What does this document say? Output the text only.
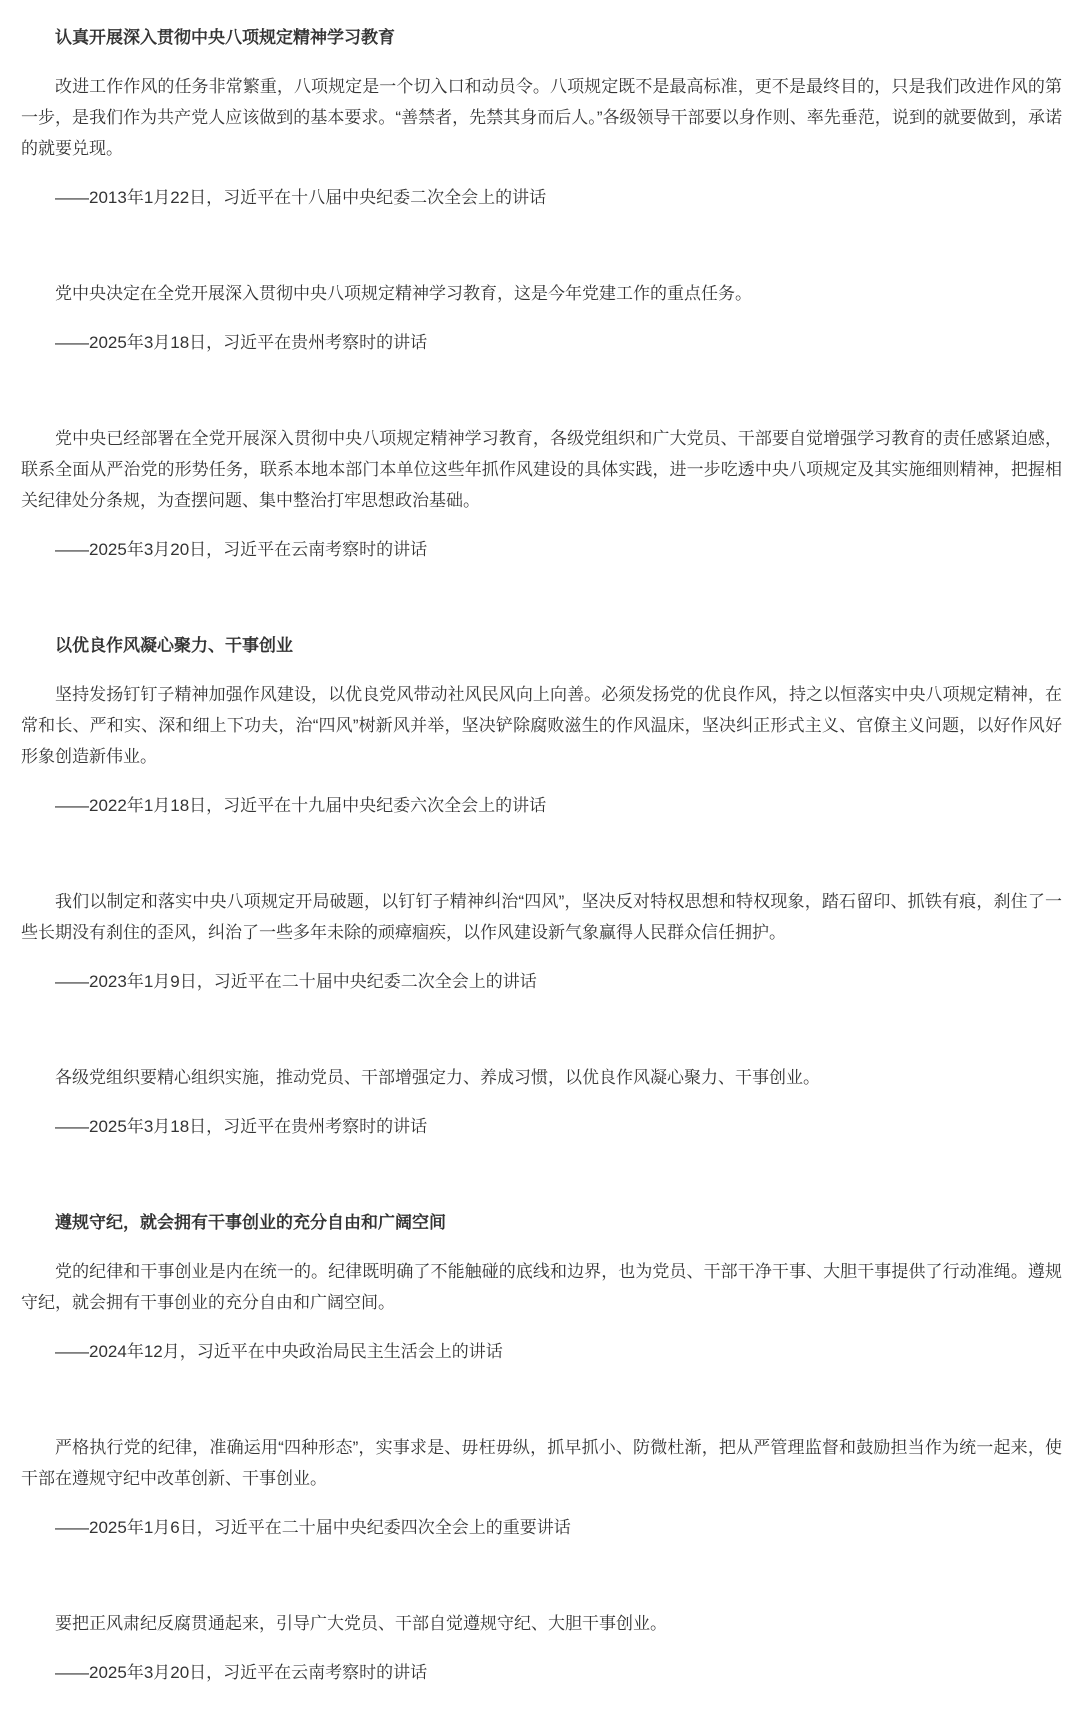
认真开展深入贯彻中央八项规定精神学习教育

改进工作作风的任务非常繁重，八项规定是一个切入口和动员令。八项规定既不是最高标准，更不是最终目的，只是我们改进作风的第一步，是我们作为共产党人应该做到的基本要求。“善禁者，先禁其身而后人。”各级领导干部要以身作则、率先垂范，说到的就要做到，承诺的就要兑现。

——2013年1月22日，习近平在十八届中央纪委二次全会上的讲话

党中央决定在全党开展深入贯彻中央八项规定精神学习教育，这是今年党建工作的重点任务。

——2025年3月18日，习近平在贵州考察时的讲话

党中央已经部署在全党开展深入贯彻中央八项规定精神学习教育，各级党组织和广大党员、干部要自觉增强学习教育的责任感紧迫感，联系全面从严治党的形势任务，联系本地本部门本单位这些年抓作风建设的具体实践，进一步吃透中央八项规定及其实施细则精神，把握相关纪律处分条规，为查摆问题、集中整治打牢思想政治基础。

——2025年3月20日，习近平在云南考察时的讲话

以优良作风凝心聚力、干事创业

坚持发扬钉钉子精神加强作风建设，以优良党风带动社风民风向上向善。必须发扬党的优良作风，持之以恒落实中央八项规定精神，在常和长、严和实、深和细上下功夫，治“四风”树新风并举，坚决铲除腐败滋生的作风温床，坚决纠正形式主义、官僚主义问题，以好作风好形象创造新伟业。

——2022年1月18日，习近平在十九届中央纪委六次全会上的讲话

我们以制定和落实中央八项规定开局破题，以钉钉子精神纠治“四风”，坚决反对特权思想和特权现象，踏石留印、抓铁有痕，刹住了一些长期没有刹住的歪风，纠治了一些多年未除的顽瘴痼疾，以作风建设新气象赢得人民群众信任拥护。

——2023年1月9日，习近平在二十届中央纪委二次全会上的讲话

各级党组织要精心组织实施，推动党员、干部增强定力、养成习惯，以优良作风凝心聚力、干事创业。

——2025年3月18日，习近平在贵州考察时的讲话

遵规守纪，就会拥有干事创业的充分自由和广阔空间

党的纪律和干事创业是内在统一的。纪律既明确了不能触碰的底线和边界，也为党员、干部干净干事、大胆干事提供了行动准绳。遵规守纪，就会拥有干事创业的充分自由和广阔空间。

——2024年12月，习近平在中央政治局民主生活会上的讲话

严格执行党的纪律，准确运用“四种形态”，实事求是、毋枉毋纵，抓早抓小、防微杜渐，把从严管理监督和鼓励担当作为统一起来，使干部在遵规守纪中改革创新、干事创业。

——2025年1月6日，习近平在二十届中央纪委四次全会上的重要讲话

要把正风肃纪反腐贯通起来，引导广大党员、干部自觉遵规守纪、大胆干事创业。

——2025年3月20日，习近平在云南考察时的讲话
